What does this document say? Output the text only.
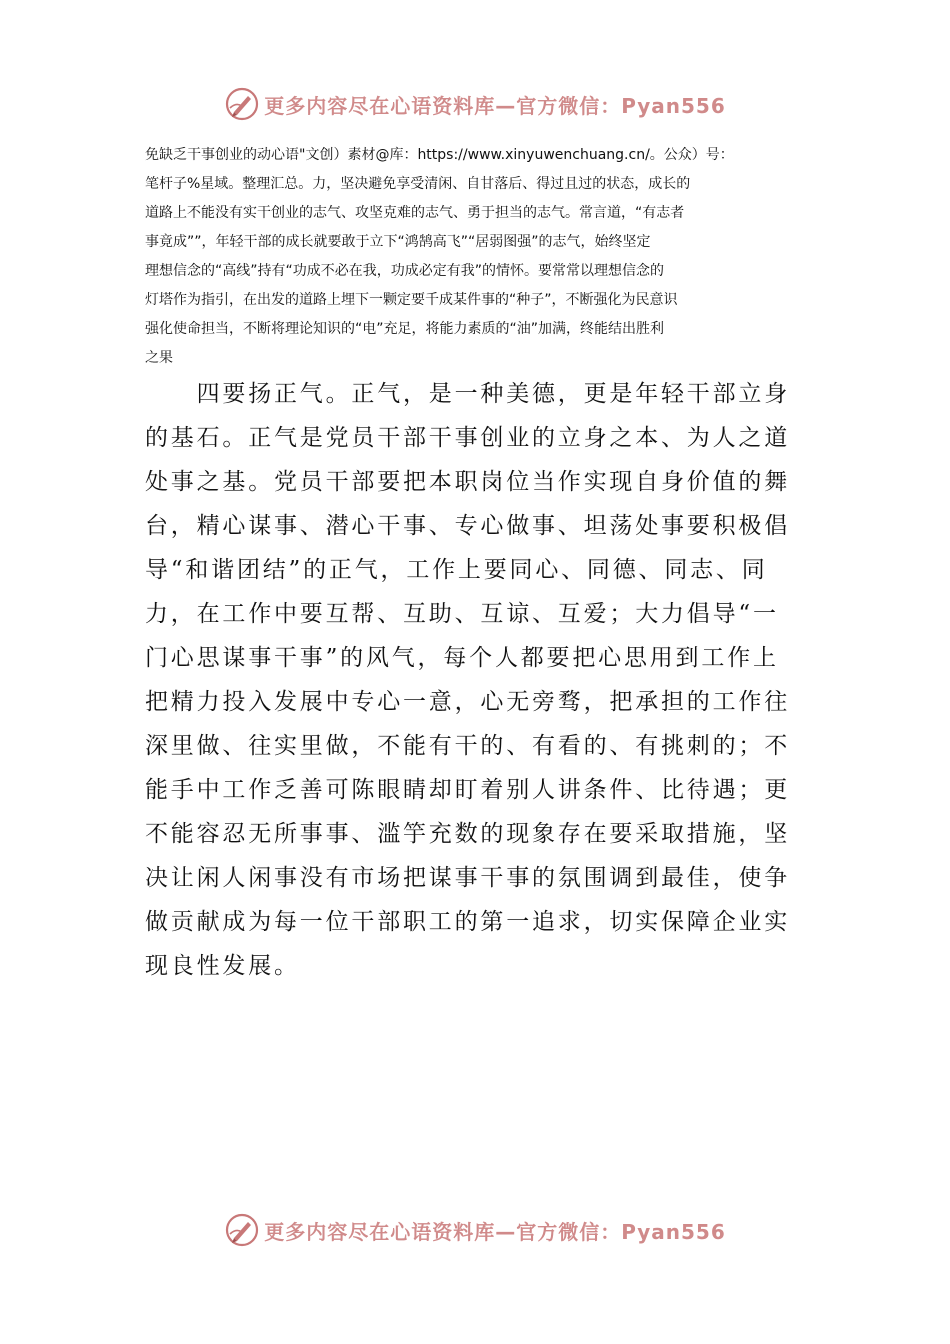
更多内容尽在心语资料库—官方微信：Pyan556

免缺乏干事创业的动心语"文创）素材@库：https://www.xinyuwenchuang.cn/。公众）号：
笔杆子%星域。整理汇总。力，坚决避免享受清闲、自甘落后、得过且过的状态，成长的
道路上不能没有实干创业的志气、攻坚克难的志气、勇于担当的志气。常言道，“有志者
事竟成””，年轻干部的成长就要敢于立下“鸿鹄高飞”“居弱图强”的志气，始终坚定
理想信念的“高线”持有“功成不必在我，功成必定有我”的情怀。要常常以理想信念的
灯塔作为指引，在出发的道路上埋下一颗定要千成某件事的“种子”，不断强化为民意识
强化使命担当，不断将理论知识的“电”充足，将能力素质的“油”加满，终能结出胜利
之果

　　四要扬正气。正气，是一种美德，更是年轻干部立身
的基石。正气是党员干部干事创业的立身之本、为人之道
处事之基。党员干部要把本职岗位当作实现自身价值的舞
台，精心谋事、潜心干事、专心做事、坦荡处事要积极倡
导“和谐团结”的正气，工作上要同心、同德、同志、同
力，在工作中要互帮、互助、互谅、互爱；大力倡导“一
门心思谋事干事”的风气，每个人都要把心思用到工作上
把精力投入发展中专心一意，心无旁骛，把承担的工作往
深里做、往实里做，不能有干的、有看的、有挑刺的；不
能手中工作乏善可陈眼睛却盯着别人讲条件、比待遇；更
不能容忍无所事事、滥竽充数的现象存在要采取措施，坚
决让闲人闲事没有市场把谋事干事的氛围调到最佳，使争
做贡献成为每一位干部职工的第一追求，切实保障企业实
现良性发展。

更多内容尽在心语资料库—官方微信：Pyan556
